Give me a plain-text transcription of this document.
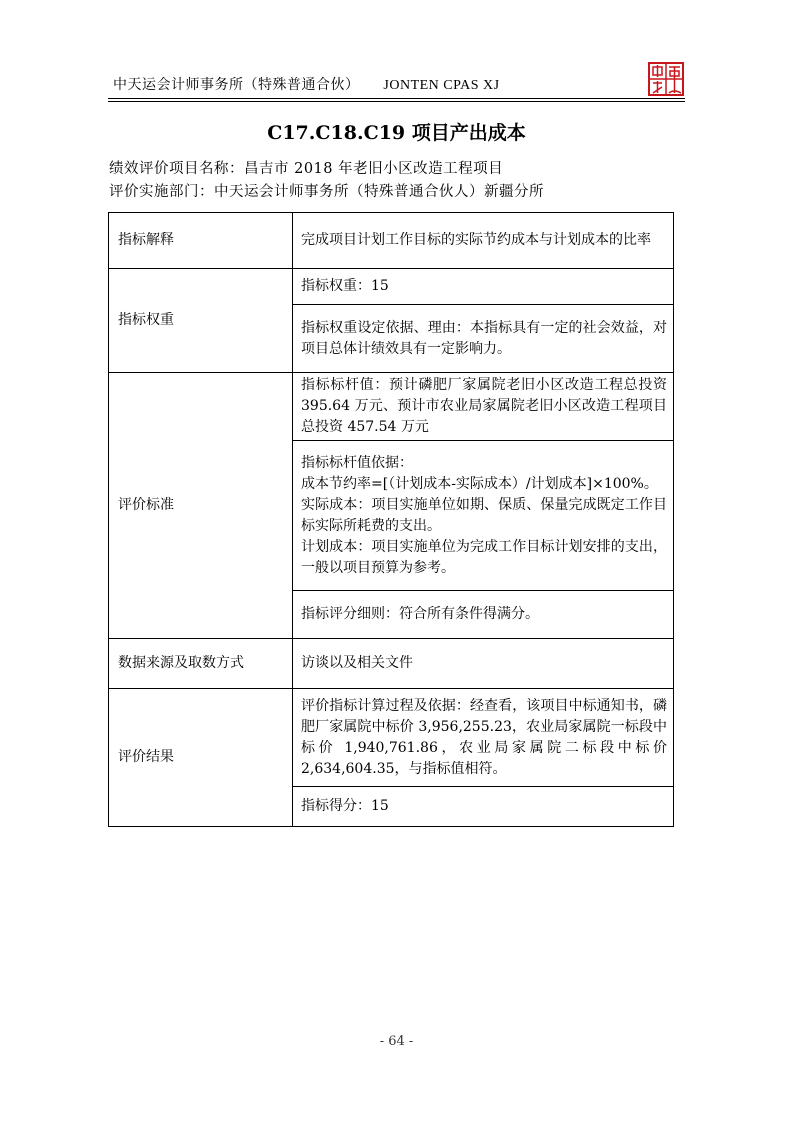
中天运会计师事务所（特殊普通合伙） JONTEN CPAS XJ
C17.C18.C19 项目产出成本
绩效评价项目名称：昌吉市 2018 年老旧小区改造工程项目
评价实施部门：中天运会计师事务所（特殊普通合伙人）新疆分所
指标解释	完成项目计划工作目标的实际节约成本与计划成本的比率
指标权重	指标权重：15
	指标权重设定依据、理由：本指标具有一定的社会效益，对项目总体计绩效具有一定影响力。
评价标准	指标标杆值：预计磷肥厂家属院老旧小区改造工程总投资 395.64 万元、预计市农业局家属院老旧小区改造工程项目总投资 457.54 万元

	指标标杆值依据：
成本节约率=[（计划成本-实际成本）/计划成本]×100%。
实际成本：项目实施单位如期、保质、保量完成既定工作目标实际所耗费的支出。
计划成本：项目实施单位为完成工作目标计划安排的支出，一般以项目预算为参考。

	指标评分细则：符合所有条件得满分。
数据来源及取数方式	访谈以及相关文件
评价结果	评价指标计算过程及依据：经查看，该项目中标通知书，磷肥厂家属院中标价 3,956,255.23，农业局家属院一标段中标价 1,940,761.86，农业局家属院二标段中标价 2,634,604.35，与指标值相符。
	指标得分：15
- 64 -
